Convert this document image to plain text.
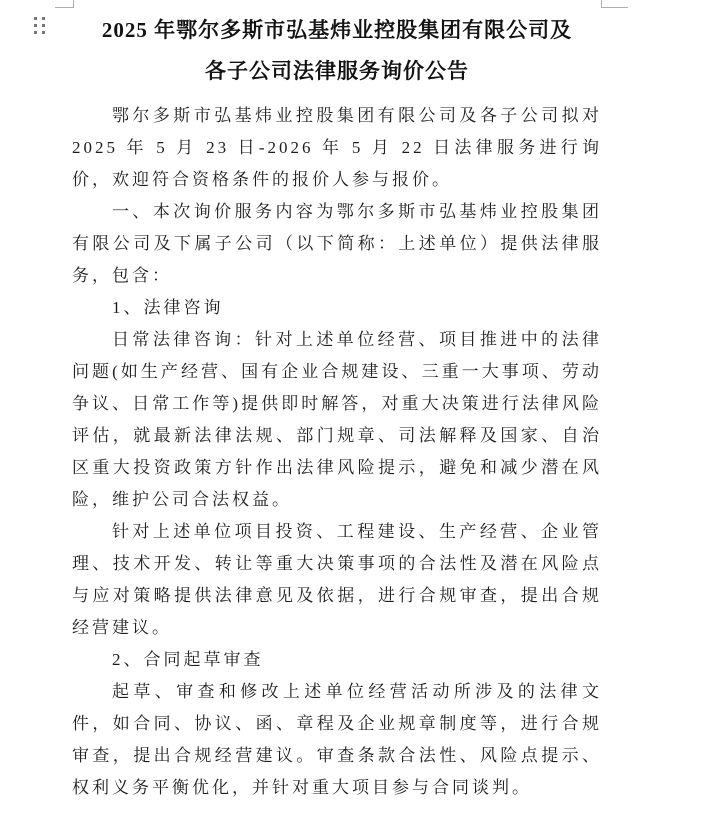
2025 年鄂尔多斯市弘基炜业控股集团有限公司及
各子公司法律服务询价公告

鄂尔多斯市弘基炜业控股集团有限公司及各子公司拟对 2025 年 5 月 23 日-2026 年 5 月 22 日法律服务进行询价，欢迎符合资格条件的报价人参与报价。

一、本次询价服务内容为鄂尔多斯市弘基炜业控股集团有限公司及下属子公司（以下简称：上述单位）提供法律服务，包含：

1、法律咨询

日常法律咨询：针对上述单位经营、项目推进中的法律问题(如生产经营、国有企业合规建设、三重一大事项、劳动争议、日常工作等)提供即时解答，对重大决策进行法律风险评估，就最新法律法规、部门规章、司法解释及国家、自治区重大投资政策方针作出法律风险提示，避免和减少潜在风险，维护公司合法权益。

针对上述单位项目投资、工程建设、生产经营、企业管理、技术开发、转让等重大决策事项的合法性及潜在风险点与应对策略提供法律意见及依据，进行合规审查，提出合规经营建议。

2、合同起草审查

起草、审查和修改上述单位经营活动所涉及的法律文件，如合同、协议、函、章程及企业规章制度等，进行合规审查，提出合规经营建议。审查条款合法性、风险点提示、权利义务平衡优化，并针对重大项目参与合同谈判。
